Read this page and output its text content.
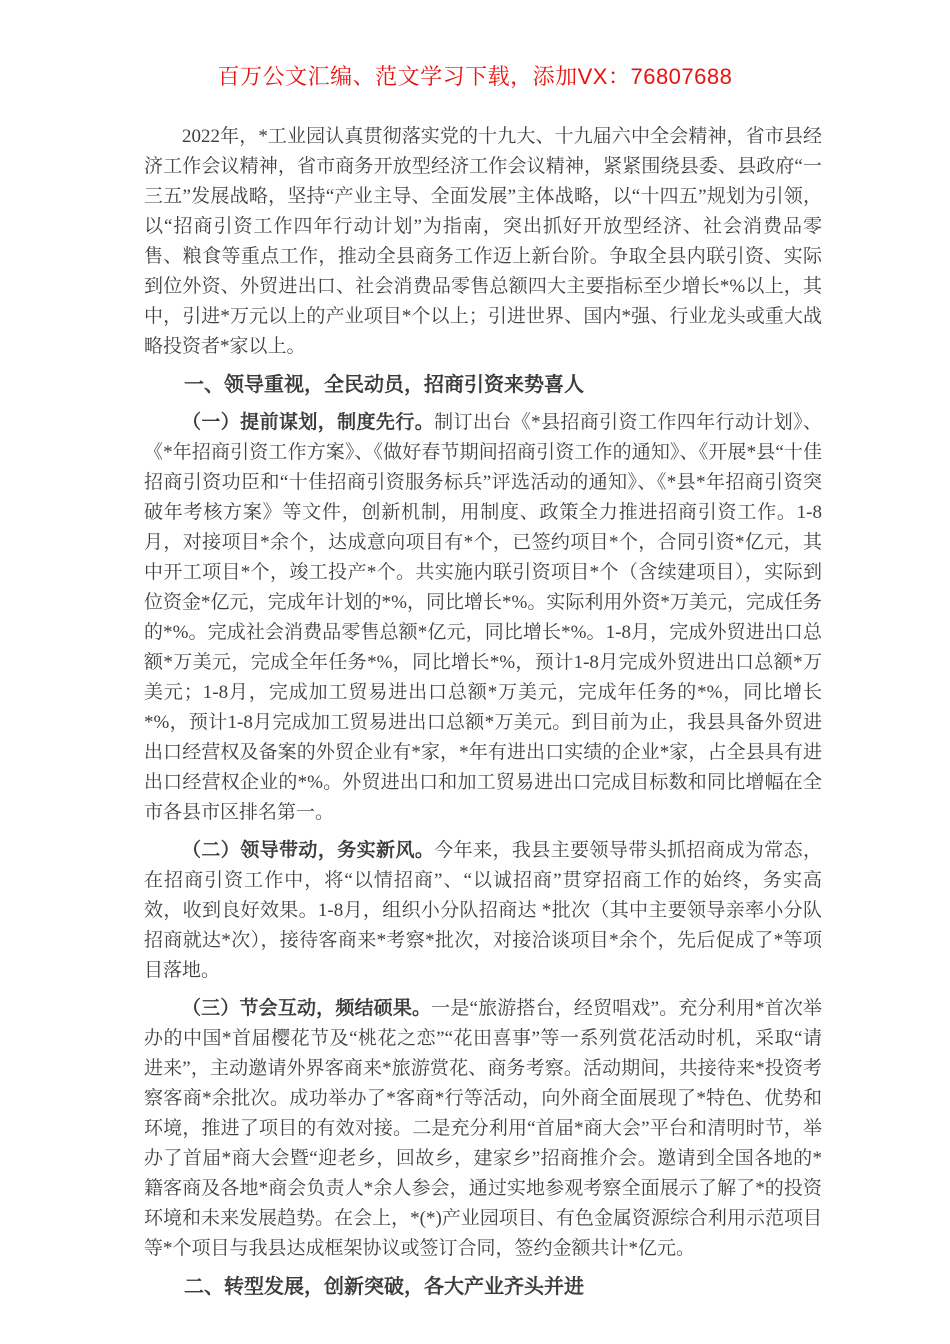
百万公文汇编、范文学习下载，添加VX：76807688

2022年，*工业园认真贯彻落实党的十九大、十九届六中全会精神，省市县经济工作会议精神，省市商务开放型经济工作会议精神，紧紧围绕县委、县政府“一三五”发展战略，坚持“产业主导、全面发展”主体战略，以“十四五”规划为引领，以“招商引资工作四年行动计划”为指南，突出抓好开放型经济、社会消费品零售、粮食等重点工作，推动全县商务工作迈上新台阶。争取全县内联引资、实际到位外资、外贸进出口、社会消费品零售总额四大主要指标至少增长*%以上，其中，引进*万元以上的产业项目*个以上；引进世界、国内*强、行业龙头或重大战略投资者*家以上。

一、领导重视，全民动员，招商引资来势喜人

（一）提前谋划，制度先行。制订出台《*县招商引资工作四年行动计划》、《*年招商引资工作方案》、《做好春节期间招商引资工作的通知》、《开展*县“十佳招商引资功臣和“十佳招商引资服务标兵”评选活动的通知》、《*县*年招商引资突破年考核方案》等文件，创新机制，用制度、政策全力推进招商引资工作。1-8月，对接项目*余个，达成意向项目有*个，已签约项目*个，合同引资*亿元，其中开工项目*个，竣工投产*个。共实施内联引资项目*个（含续建项目），实际到位资金*亿元，完成年计划的*%，同比增长*%。实际利用外资*万美元，完成任务的*%。完成社会消费品零售总额*亿元，同比增长*%。1-8月，完成外贸进出口总额*万美元，完成全年任务*%，同比增长*%，预计1-8月完成外贸进出口总额*万美元；1-8月，完成加工贸易进出口总额*万美元，完成年任务的*%，同比增长*%，预计1-8月完成加工贸易进出口总额*万美元。到目前为止，我县具备外贸进出口经营权及备案的外贸企业有*家，*年有进出口实绩的企业*家，占全县具有进出口经营权企业的*%。外贸进出口和加工贸易进出口完成目标数和同比增幅在全市各县市区排名第一。

（二）领导带动，务实新风。今年来，我县主要领导带头抓招商成为常态，在招商引资工作中，将“以情招商”、“以诚招商”贯穿招商工作的始终，务实高效，收到良好效果。1-8月，组织小分队招商达 *批次（其中主要领导亲率小分队招商就达*次），接待客商来*考察*批次，对接洽谈项目*余个，先后促成了*等项目落地。

（三）节会互动，频结硕果。一是“旅游搭台，经贸唱戏”。充分利用*首次举办的中国*首届樱花节及“桃花之恋”“花田喜事”等一系列赏花活动时机，采取“请进来”，主动邀请外界客商来*旅游赏花、商务考察。活动期间，共接待来*投资考察客商*余批次。成功举办了*客商*行等活动，向外商全面展现了*特色、优势和环境，推进了项目的有效对接。二是充分利用“首届*商大会”平台和清明时节，举办了首届*商大会暨“迎老乡，回故乡，建家乡”招商推介会。邀请到全国各地的*籍客商及各地*商会负责人*余人参会，通过实地参观考察全面展示了解了*的投资环境和未来发展趋势。在会上，*(*)产业园项目、有色金属资源综合利用示范项目等*个项目与我县达成框架协议或签订合同，签约金额共计*亿元。

二、转型发展，创新突破，各大产业齐头并进
